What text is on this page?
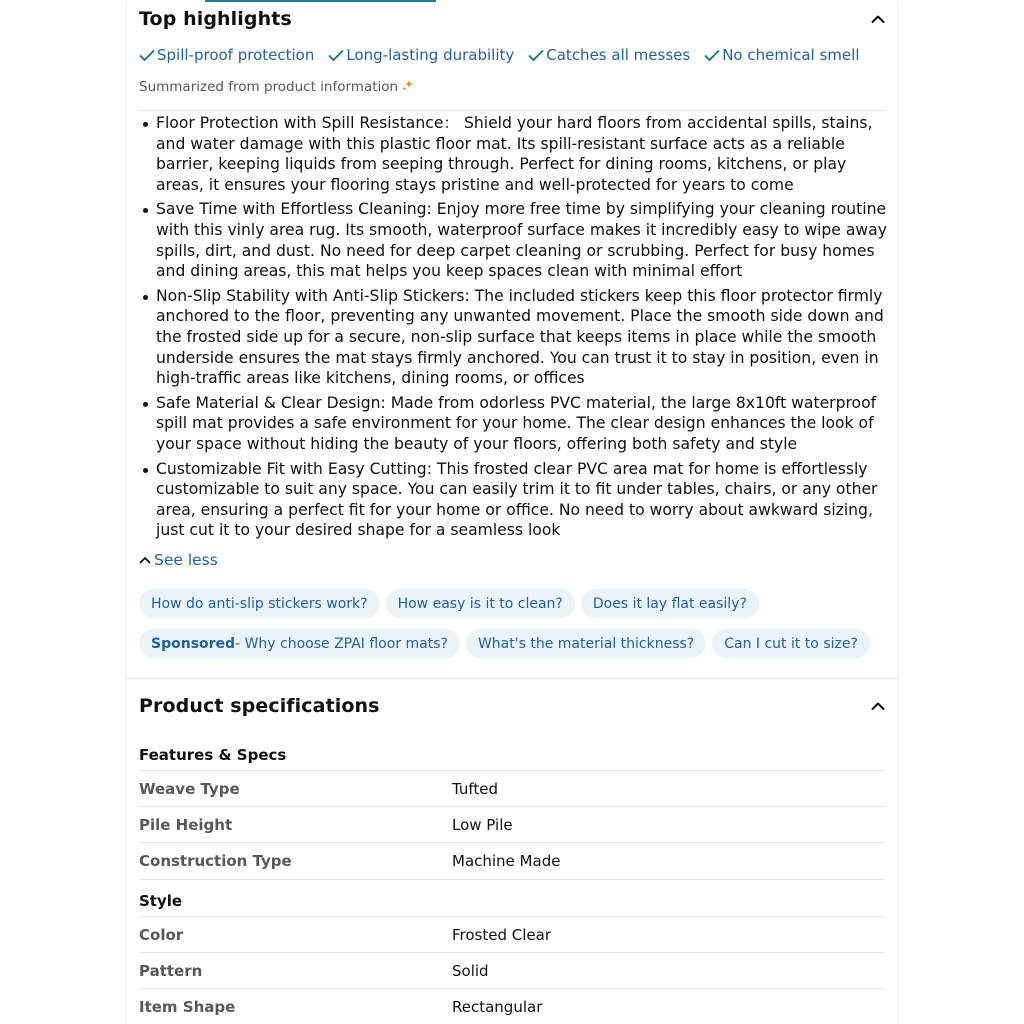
Top highlights
Spill-proof protection Long-lasting durability Catches all messes No chemical smell
Summarized from product information
Floor Protection with Spill Resistance： Shield your hard floors from accidental spills, stains, and water damage with this plastic floor mat. Its spill-resistant surface acts as a reliable barrier, keeping liquids from seeping through. Perfect for dining rooms, kitchens, or play areas, it ensures your flooring stays pristine and well-protected for years to come
Save Time with Effortless Cleaning: Enjoy more free time by simplifying your cleaning routine with this vinly area rug. Its smooth, waterproof surface makes it incredibly easy to wipe away spills, dirt, and dust. No need for deep carpet cleaning or scrubbing. Perfect for busy homes and dining areas, this mat helps you keep spaces clean with minimal effort
Non-Slip Stability with Anti-Slip Stickers: The included stickers keep this floor protector firmly anchored to the floor, preventing any unwanted movement. Place the smooth side down and the frosted side up for a secure, non-slip surface that keeps items in place while the smooth underside ensures the mat stays firmly anchored. You can trust it to stay in position, even in high-traffic areas like kitchens, dining rooms, or offices
Safe Material & Clear Design: Made from odorless PVC material, the large 8x10ft waterproof spill mat provides a safe environment for your home. The clear design enhances the look of your space without hiding the beauty of your floors, offering both safety and style
Customizable Fit with Easy Cutting: This frosted clear PVC area mat for home is effortlessly customizable to suit any space. You can easily trim it to fit under tables, chairs, or any other area, ensuring a perfect fit for your home or office. No need to worry about awkward sizing, just cut it to your desired shape for a seamless look
See less
How do anti-slip stickers work?	How easy is it to clean?	Does it lay flat easily?
Sponsored - Why choose ZPAI floor mats?	What's the material thickness?	Can I cut it to size?
Product specifications
Features & Specs
Weave Type	Tufted
Pile Height	Low Pile
Construction Type	Machine Made
Style
Color	Frosted Clear
Pattern	Solid
Item Shape	Rectangular
